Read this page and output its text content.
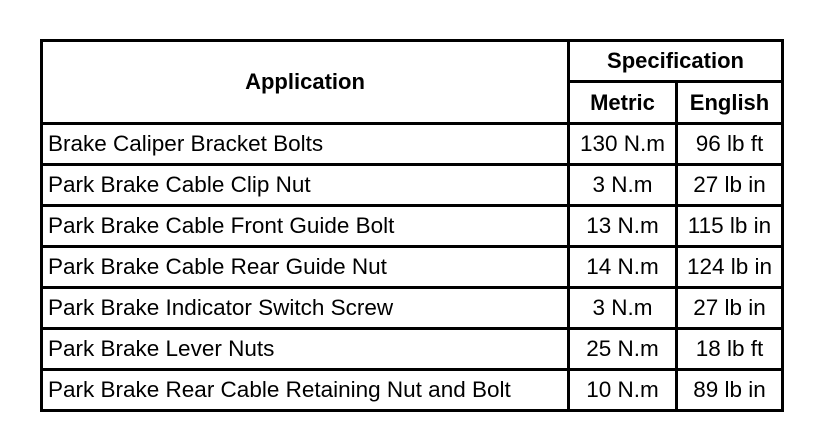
Application	Specification	
	Metric	English
Brake Caliper Bracket Bolts	130 N.m	96 lb ft
Park Brake Cable Clip Nut	3 N.m	27 lb in
Park Brake Cable Front Guide Bolt	13 N.m	115 lb in
Park Brake Cable Rear Guide Nut	14 N.m	124 lb in
Park Brake Indicator Switch Screw	3 N.m	27 lb in
Park Brake Lever Nuts	25 N.m	18 lb ft
Park Brake Rear Cable Retaining Nut and Bolt	10 N.m	89 lb in
